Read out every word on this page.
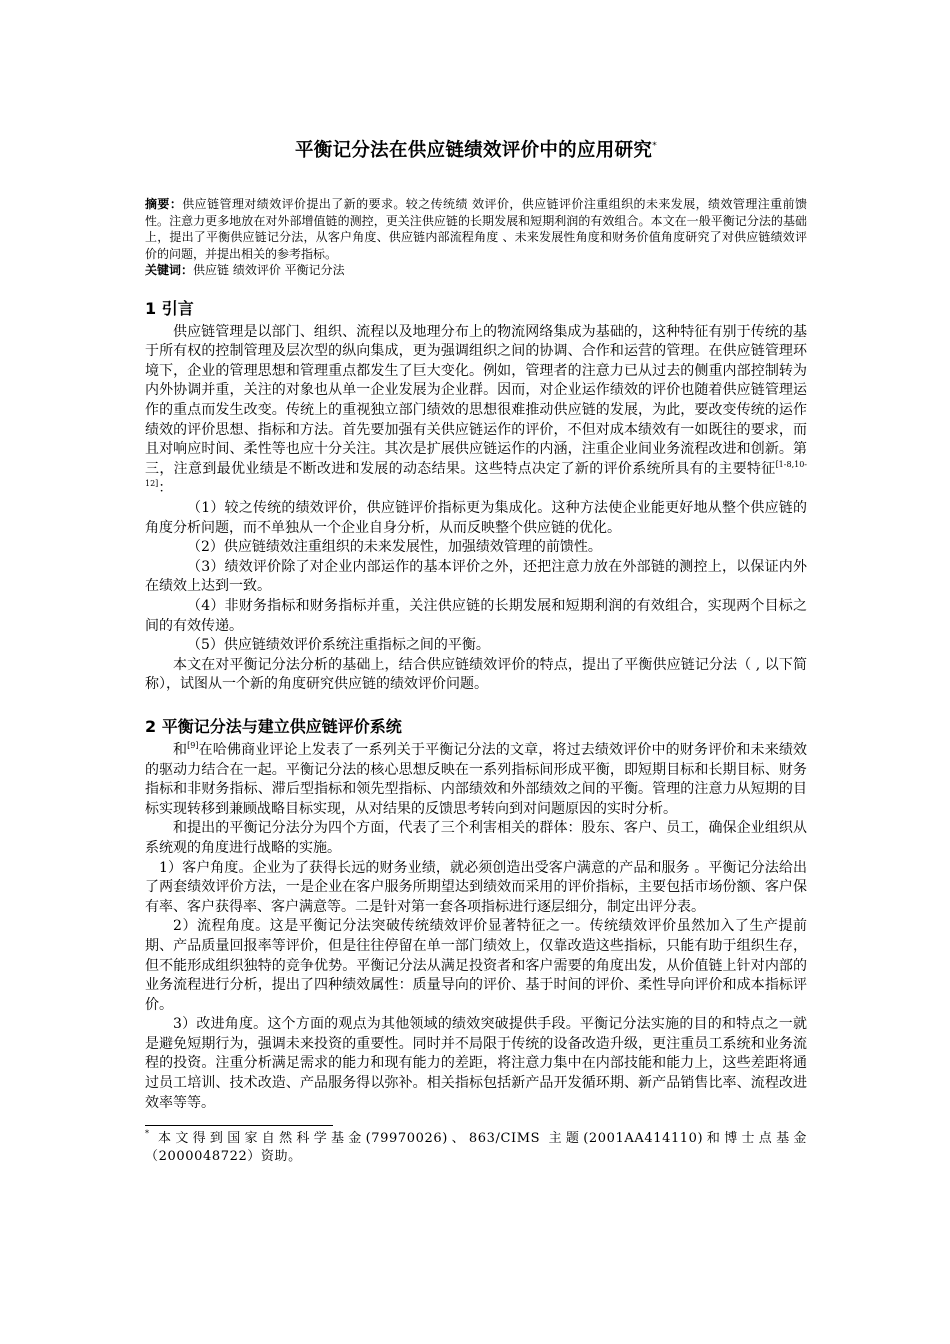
平衡记分法在供应链绩效评价中的应用研究*

摘要：供应链管理对绩效评价提出了新的要求。较之传统绩 效评价，供应链评价注重组织的未来发展，绩效管理注重前馈性。注意力更多地放在对外部增值链的测控，更关注供应链的长期发展和短期利润的有效组合。本文在一般平衡记分法的基础上，提出了平衡供应链记分法，从客户角度、供应链内部流程角度 、未来发展性角度和财务价值角度研究了对供应链绩效评价的问题，并提出相关的参考指标。

关键词：供应链 绩效评价 平衡记分法

1 引言

供应链管理是以部门、组织、流程以及地理分布上的物流网络集成为基础的，这种特征有别于传统的基于所有权的控制管理及层次型的纵向集成，更为强调组织之间的协调、合作和运营的管理。在供应链管理环境下，企业的管理思想和管理重点都发生了巨大变化。例如，管理者的注意力已从过去的侧重内部控制转为内外协调并重，关注的对象也从单一企业发展为企业群。因而，对企业运作绩效的评价也随着供应链管理运作的重点而发生改变。传统上的重视独立部门绩效的思想很难推动供应链的发展，为此，要改变传统的运作绩效的评价思想、指标和方法。首先要加强有关供应链运作的评价，不但对成本绩效有一如既往的要求，而且对响应时间、柔性等也应十分关注。其次是扩展供应链运作的内涵，注重企业间业务流程改进和创新。第三，注意到最优业绩是不断改进和发展的动态结果。这些特点决定了新的评价系统所具有的主要特征[1-8,10-12]：

（1）较之传统的绩效评价，供应链评价指标更为集成化。这种方法使企业能更好地从整个供应链的角度分析问题，而不单独从一个企业自身分析，从而反映整个供应链的优化。

（2）供应链绩效注重组织的未来发展性，加强绩效管理的前馈性。

（3）绩效评价除了对企业内部运作的基本评价之外，还把注意力放在外部链的测控上，以保证内外在绩效上达到一致。

（4）非财务指标和财务指标并重，关注供应链的长期发展和短期利润的有效组合，实现两个目标之间的有效传递。

（5）供应链绩效评价系统注重指标之间的平衡。

本文在对平衡记分法分析的基础上，结合供应链绩效评价的特点，提出了平衡供应链记分法（ , 以下简称），试图从一个新的角度研究供应链的绩效评价问题。

2 平衡记分法与建立供应链评价系统

和[9]在哈佛商业评论上发表了一系列关于平衡记分法的文章，将过去绩效评价中的财务评价和未来绩效的驱动力结合在一起。平衡记分法的核心思想反映在一系列指标间形成平衡，即短期目标和长期目标、财务指标和非财务指标、滞后型指标和领先型指标、内部绩效和外部绩效之间的平衡。管理的注意力从短期的目标实现转移到兼顾战略目标实现，从对结果的反馈思考转向到对问题原因的实时分析。

和提出的平衡记分法分为四个方面，代表了三个利害相关的群体：股东、客户、员工，确保企业组织从系统观的角度进行战略的实施。

1）客户角度。企业为了获得长远的财务业绩，就必须创造出受客户满意的产品和服务 。平衡记分法给出了两套绩效评价方法，一是企业在客户服务所期望达到绩效而采用的评价指标，主要包括市场份额、客户保有率、客户获得率、客户满意等。二是针对第一套各项指标进行逐层细分，制定出评分表。

2）流程角度。这是平衡记分法突破传统绩效评价显著特征之一。传统绩效评价虽然加入了生产提前期、产品质量回报率等评价，但是往往停留在单一部门绩效上，仅靠改造这些指标，只能有助于组织生存，但不能形成组织独特的竞争优势。平衡记分法从满足投资者和客户需要的角度出发，从价值链上针对内部的业务流程进行分析，提出了四种绩效属性：质量导向的评价、基于时间的评价、柔性导向评价和成本指标评价。

3）改进角度。这个方面的观点为其他领域的绩效突破提供手段。平衡记分法实施的目的和特点之一就是避免短期行为，强调未来投资的重要性。同时并不局限于传统的设备改造升级，更注重员工系统和业务流程的投资。注重分析满足需求的能力和现有能力的差距，将注意力集中在内部技能和能力上，这些差距将通过员工培训、技术改造、产品服务得以弥补。相关指标包括新产品开发循环期、新产品销售比率、流程改进效率等等。

* 本文得到国家自然科学基金(79970026)、863/CIMS 主题(2001AA414110)和博士点基金（2000048722）资助。
